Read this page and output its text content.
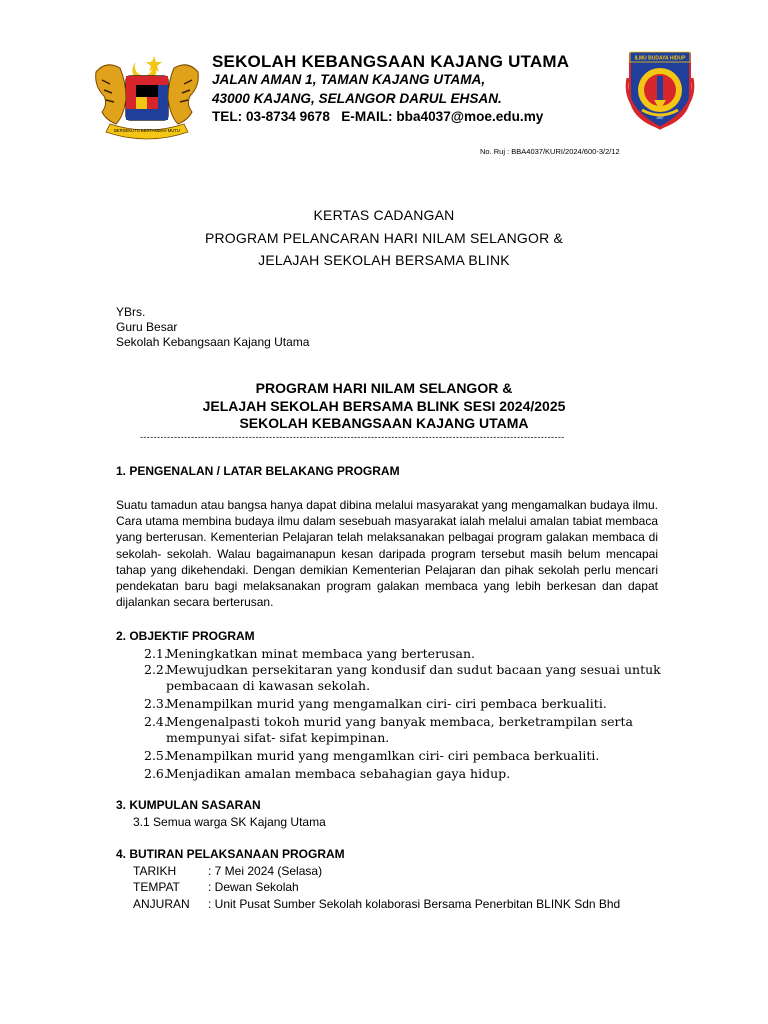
BERSEKUTU BERTAMBAH MUTU
SEKOLAH KEBANGSAAN KAJANG UTAMA
JALAN AMAN 1, TAMAN KAJANG UTAMA,
43000 KAJANG, SELANGOR DARUL EHSAN.
TEL: 03-8734 9678 E-MAIL: bba4037@moe.edu.my
ILMU BUDAYA HIDUP
1987
No. Ruj : BBA4037/KURI/2024/600-3/2/12
KERTAS CADANGAN
PROGRAM PELANCARAN HARI NILAM SELANGOR &
JELAJAH SEKOLAH BERSAMA BLINK
YBrs.
Guru Besar
Sekolah Kebangsaan Kajang Utama
PROGRAM HARI NILAM SELANGOR &
JELAJAH SEKOLAH BERSAMA BLINK SESI 2024/2025
SEKOLAH KEBANGSAAN KAJANG UTAMA
-----------------------------------------------------------------------------------------------------------------------------
1. PENGENALAN / LATAR BELAKANG PROGRAM
Suatu tamadun atau bangsa hanya dapat dibina melalui masyarakat yang mengamalkan budaya ilmu. Cara utama membina budaya ilmu dalam sesebuah masyarakat ialah melalui amalan tabiat membaca yang berterusan. Kementerian Pelajaran telah melaksanakan pelbagai program galakan membaca di sekolah- sekolah. Walau bagaimanapun kesan daripada program tersebut masih belum mencapai tahap yang dikehendaki. Dengan demikian Kementerian Pelajaran dan pihak sekolah perlu mencari pendekatan baru bagi melaksanakan program galakan membaca yang lebih berkesan dan dapat dijalankan secara berterusan.
2. OBJEKTIF PROGRAM
2.1.
Meningkatkan minat membaca yang berterusan.
2.2.
Mewujudkan persekitaran yang kondusif dan sudut bacaan yang sesuai untuk pembacaan di kawasan sekolah.
2.3.
Menampilkan murid yang mengamalkan ciri- ciri pembaca berkualiti.
2.4.
Mengenalpasti tokoh murid yang banyak membaca, berketrampilan serta mempunyai sifat- sifat kepimpinan.
2.5.
Menampilkan murid yang mengamlkan ciri- ciri pembaca berkualiti.
2.6.
Menjadikan amalan membaca sebahagian gaya hidup.
3. KUMPULAN SASARAN
3.1 Semua warga SK Kajang Utama
4. BUTIRAN PELAKSANAAN PROGRAM
TARIKH	: 7 Mei 2024 (Selasa)
TEMPAT : Dewan Sekolah
ANJURAN : Unit Pusat Sumber Sekolah kolaborasi Bersama Penerbitan BLINK Sdn Bhd
